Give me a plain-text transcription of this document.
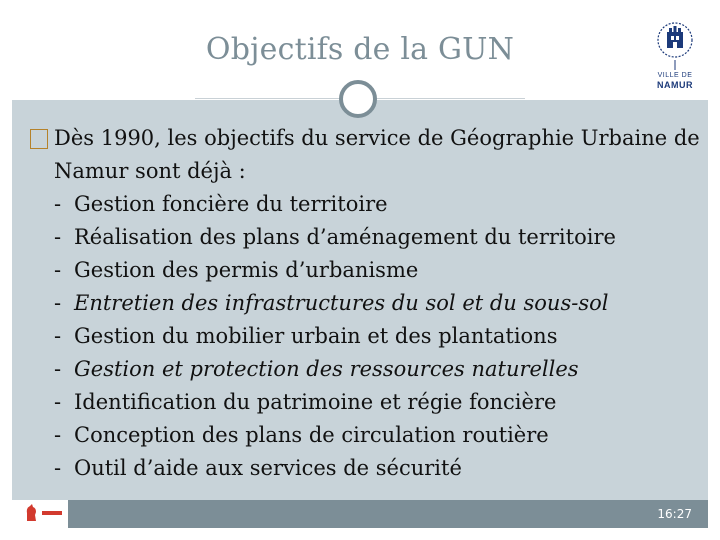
Objectifs de la GUN
VILLE DE
NAMUR
Dès 1990, les objectifs du service de Géographie Urbaine de Namur sont déjà :
- Gestion foncière du territoire
- Réalisation des plans d’aménagement du territoire
- Gestion des permis d’urbanisme
- Entretien des infrastructures du sol et du sous-sol
- Gestion du mobilier urbain et des plantations
- Gestion et protection des ressources naturelles
- Identification du patrimoine et régie foncière
- Conception des plans de circulation routière
- Outil d’aide aux services de sécurité
16:27
